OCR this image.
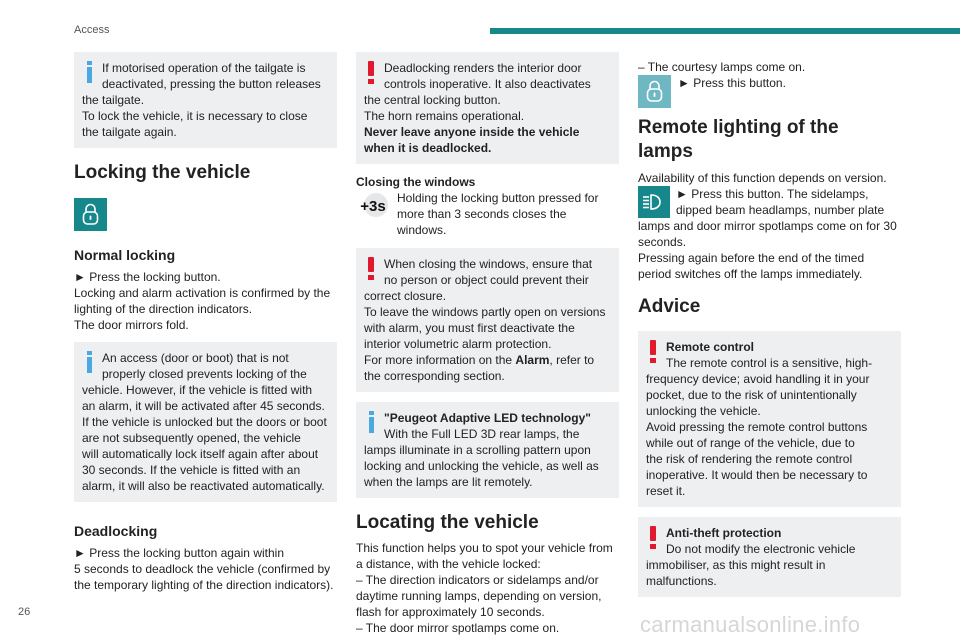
Access

If motorised operation of the tailgate is

deactivated, pressing the button releases

the tailgate.

To lock the vehicle, it is necessary to close

the tailgate again.

Locking the vehicle
Normal locking

► Press the locking button.

Locking and alarm activation is confirmed by the

lighting of the direction indicators.

The door mirrors fold.

An access (door or boot) that is not

properly closed prevents locking of the

vehicle. However, if the vehicle is fitted with

an alarm, it will be activated after 45 seconds.

If the vehicle is unlocked but the doors or boot

are not subsequently opened, the vehicle

will automatically lock itself again after about

30 seconds. If the vehicle is fitted with an

alarm, it will also be reactivated automatically.

Deadlocking

► Press the locking button again within

5 seconds to deadlock the vehicle (confirmed by

the temporary lighting of the direction indicators).

Deadlocking renders the interior door

controls inoperative. It also deactivates

the central locking button.

The horn remains operational.

Never leave anyone inside the vehicle

when it is deadlocked.

Closing the windows
+3s Holding the locking button pressed for

more than 3 seconds closes the windows.

When closing the windows, ensure that

no person or object could prevent their

correct closure.

To leave the windows partly open on versions

with alarm, you must first deactivate the

interior volumetric alarm protection.

For more information on the Alarm, refer to

the corresponding section.

"Peugeot Adaptive LED technology"

With the Full LED 3D rear lamps, the

lamps illuminate in a scrolling pattern upon

locking and unlocking the vehicle, as well as

when the lamps are lit remotely.

Locating the vehicle

This function helps you to spot your vehicle from

a distance, with the vehicle locked:

– The direction indicators or sidelamps and/or

daytime running lamps, depending on version,

flash for approximately 10 seconds.

– The door mirror spotlamps come on.

– The courtesy lamps come on.

► Press this button.

Remote lighting of the
lamps

Availability of this function depends on version.

► Press this button. The sidelamps,

dipped beam headlamps, number plate

lamps and door mirror spotlamps come on for 30

seconds.

Pressing again before the end of the timed

period switches off the lamps immediately.

Advice

Remote control

The remote control is a sensitive, high-

frequency device; avoid handling it in your

pocket, due to the risk of unintentionally

unlocking the vehicle.

Avoid pressing the remote control buttons

while out of range of the vehicle, due to

the risk of rendering the remote control

inoperative. It would then be necessary to

reset it.

Anti-theft protection

Do not modify the electronic vehicle

immobiliser, as this might result in

malfunctions.

26	carmanualsonline.info
